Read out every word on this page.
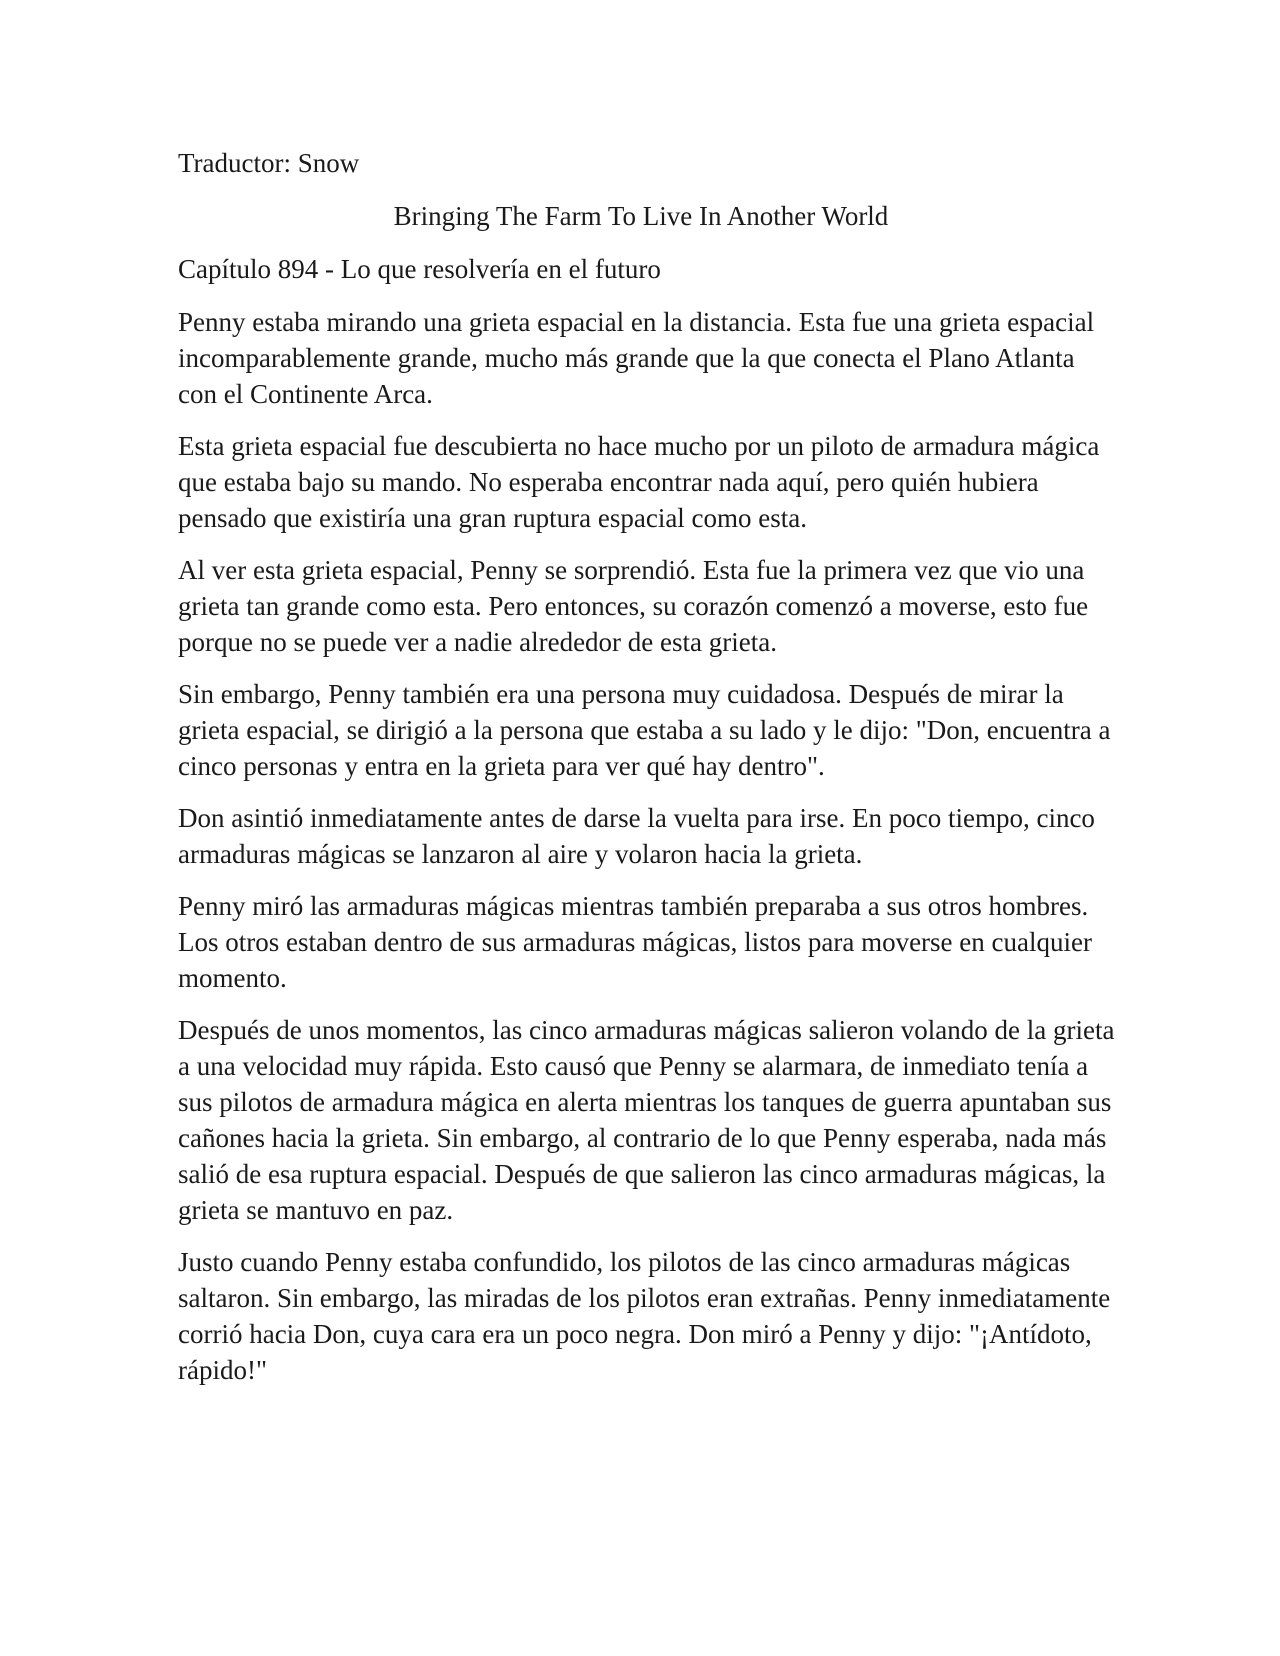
Traductor: Snow

Bringing The Farm To Live In Another World

Capítulo 894 - Lo que resolvería en el futuro

Penny estaba mirando una grieta espacial en la distancia. Esta fue una grieta espacial incomparablemente grande, mucho más grande que la que conecta el Plano Atlanta con el Continente Arca.

Esta grieta espacial fue descubierta no hace mucho por un piloto de armadura mágica que estaba bajo su mando. No esperaba encontrar nada aquí, pero quién hubiera pensado que existiría una gran ruptura espacial como esta.

Al ver esta grieta espacial, Penny se sorprendió. Esta fue la primera vez que vio una grieta tan grande como esta. Pero entonces, su corazón comenzó a moverse, esto fue porque no se puede ver a nadie alrededor de esta grieta.

Sin embargo, Penny también era una persona muy cuidadosa. Después de mirar la grieta espacial, se dirigió a la persona que estaba a su lado y le dijo: "Don, encuentra a cinco personas y entra en la grieta para ver qué hay dentro".

Don asintió inmediatamente antes de darse la vuelta para irse. En poco tiempo, cinco armaduras mágicas se lanzaron al aire y volaron hacia la grieta.

Penny miró las armaduras mágicas mientras también preparaba a sus otros hombres. Los otros estaban dentro de sus armaduras mágicas, listos para moverse en cualquier momento.

Después de unos momentos, las cinco armaduras mágicas salieron volando de la grieta a una velocidad muy rápida. Esto causó que Penny se alarmara, de inmediato tenía a sus pilotos de armadura mágica en alerta mientras los tanques de guerra apuntaban sus cañones hacia la grieta. Sin embargo, al contrario de lo que Penny esperaba, nada más salió de esa ruptura espacial. Después de que salieron las cinco armaduras mágicas, la grieta se mantuvo en paz.

Justo cuando Penny estaba confundido, los pilotos de las cinco armaduras mágicas saltaron. Sin embargo, las miradas de los pilotos eran extrañas. Penny inmediatamente corrió hacia Don, cuya cara era un poco negra. Don miró a Penny y dijo: "¡Antídoto, rápido!"
